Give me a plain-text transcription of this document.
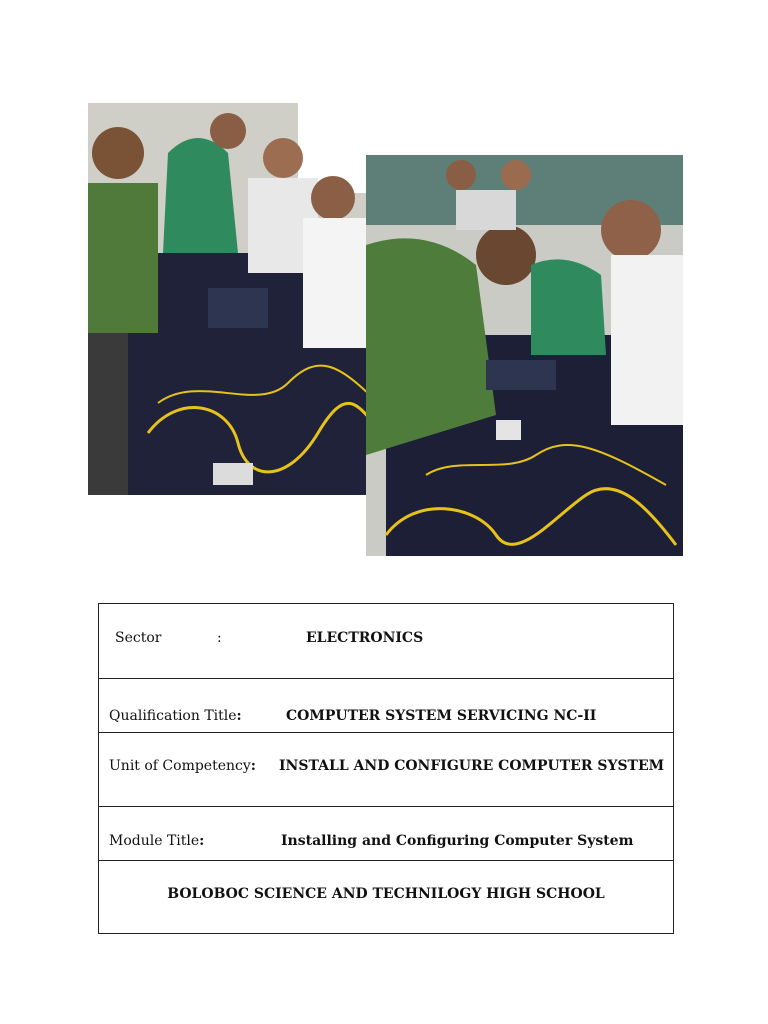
Sector	:	ELECTRONICS
Qualification Title:	COMPUTER SYSTEM SERVICING NC-II
Unit of Competency: INSTALL AND CONFIGURE COMPUTER SYSTEM
Module Title:	Installing and Configuring Computer System
BOLOBOC SCIENCE AND TECHNILOGY HIGH SCHOOL
